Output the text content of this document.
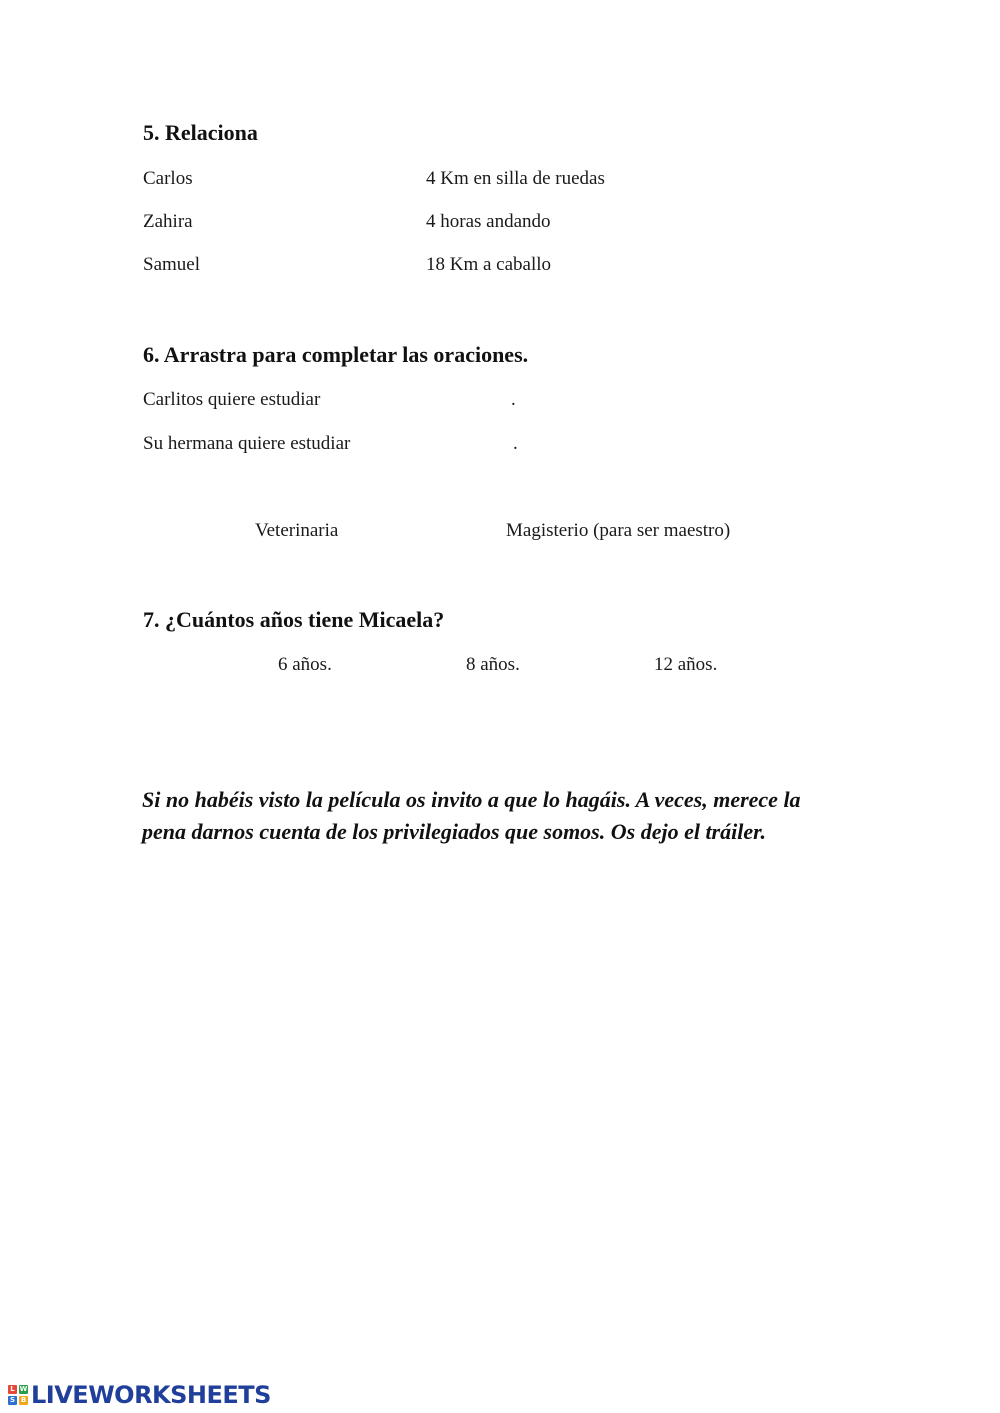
5. Relaciona
Carlos	4 Km en silla de ruedas
Zahira	4 horas andando
Samuel	18 Km a caballo
6. Arrastra para completar las oraciones.
Carlitos quiere estudiar	.
Su hermana quiere estudiar	.
Veterinaria	Magisterio (para ser maestro)
7. ¿Cuántos años tiene Micaela?
6 años.	8 años.	12 años.
Si no habéis visto la película os invito a que lo hagáis. A veces, merece la
pena darnos cuenta de los privilegiados que somos. Os dejo el tráiler.
L W
S B LIVEWORKSHEETS
